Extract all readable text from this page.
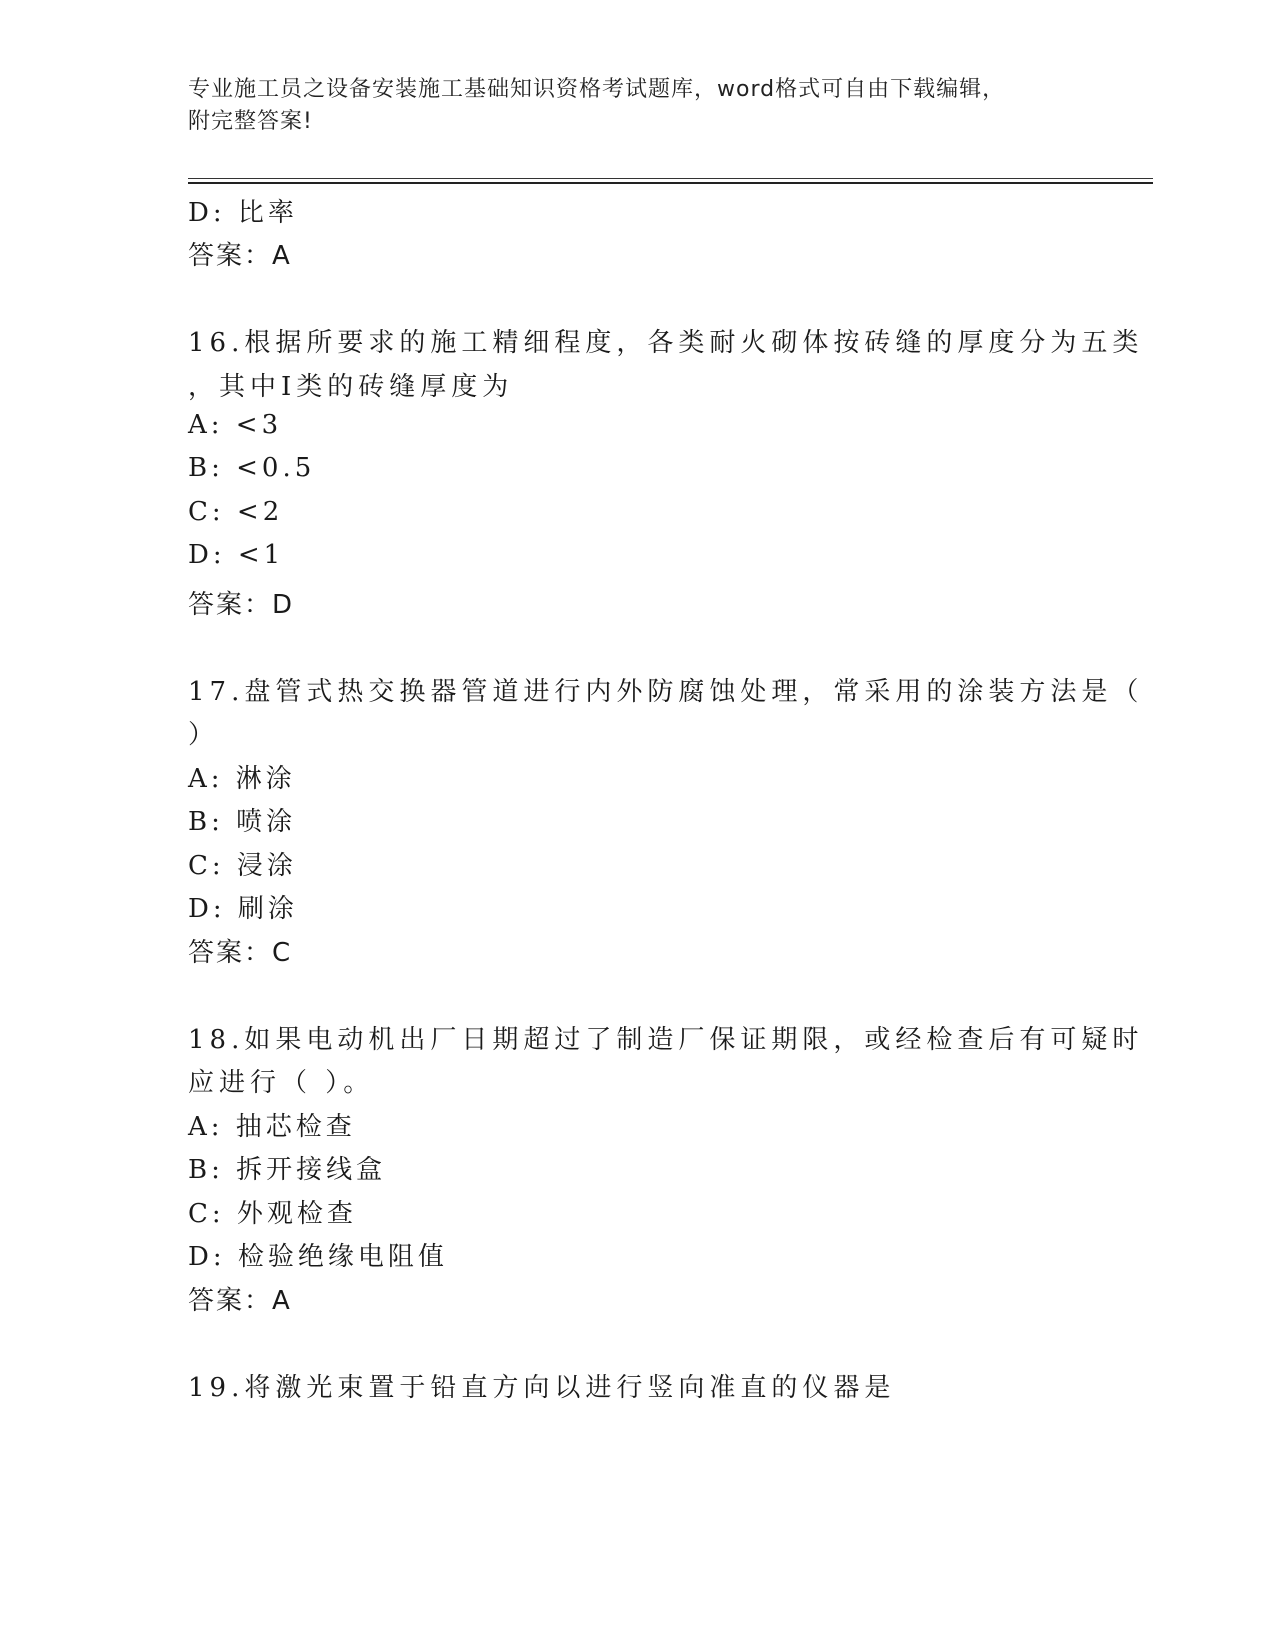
专业施工员之设备安装施工基础知识资格考试题库，word格式可自由下载编辑，
附完整答案!
D: 比率
答案：A
16.根据所要求的施工精细程度，各类耐火砌体按砖缝的厚度分为五类
，其中Ⅰ类的砖缝厚度为
A: <3
B: <0.5
C: <2
D: <1
答案：D
17.盘管式热交换器管道进行内外防腐蚀处理，常采用的涂装方法是（
）
A: 淋涂
B: 喷涂
C: 浸涂
D: 刷涂
答案：C
18.如果电动机出厂日期超过了制造厂保证期限，或经检查后有可疑时
应进行（ ）。
A: 抽芯检查
B: 拆开接线盒
C: 外观检查
D: 检验绝缘电阻值
答案：A
19.将激光束置于铅直方向以进行竖向准直的仪器是
